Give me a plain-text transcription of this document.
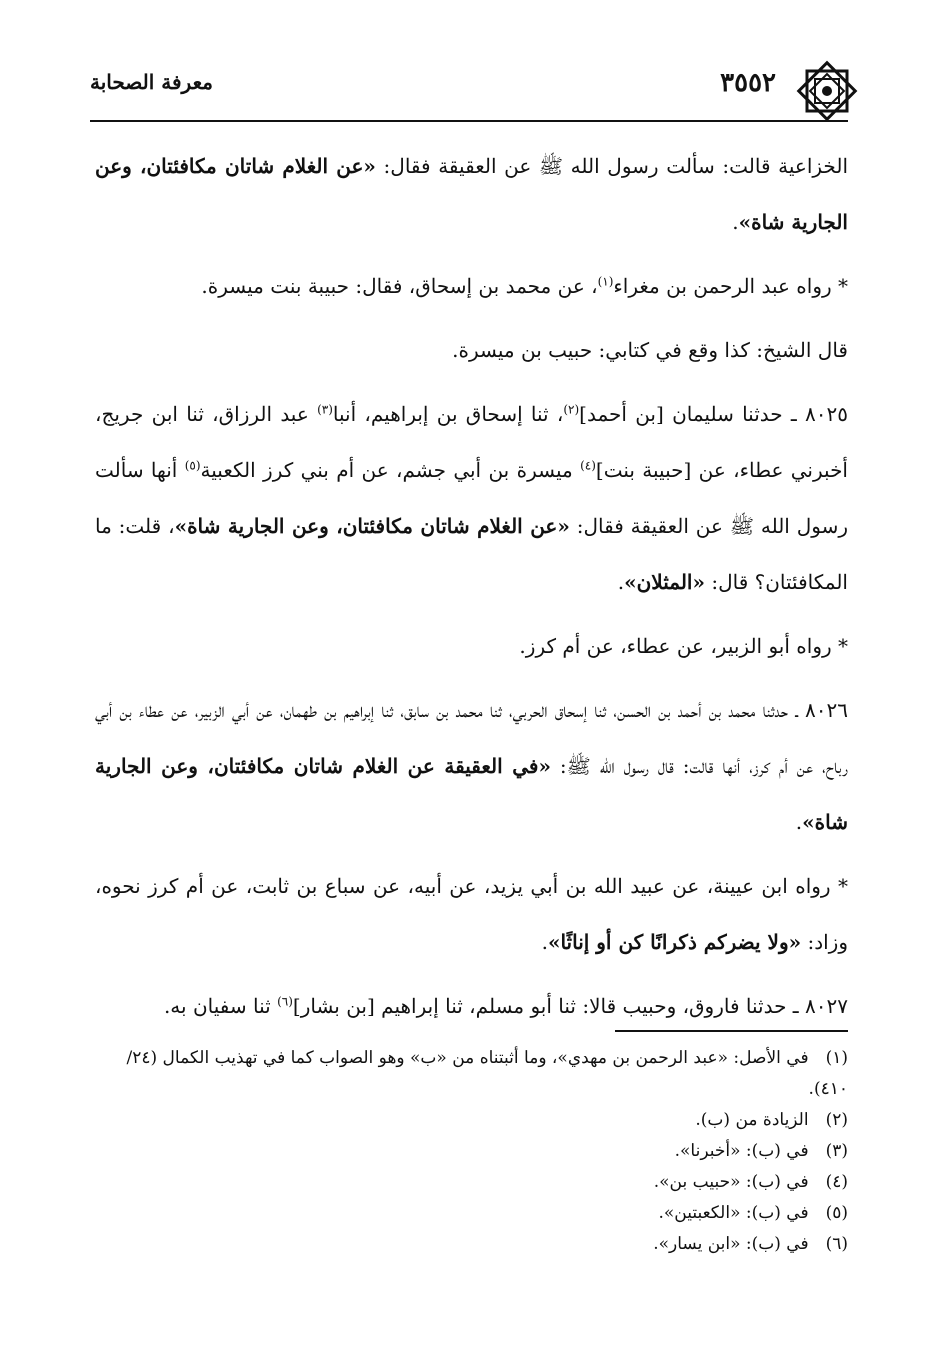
٣٥٥٢
معرفة الصحابة

الخزاعية قالت: سألت رسول الله ﷺ عن العقيقة فقال: «عن الغلام شاتان مكافئتان، وعن الجارية شاة».

* رواه عبد الرحمن بن مغراء$^{(١)}$، عن محمد بن إسحاق، فقال: حبيبة بنت ميسرة.

قال الشيخ: كذا وقع في كتابي: حبيب بن ميسرة.

٨٠٢٥ ـ حدثنا سليمان [بن أحمد]$^{(٢)}$، ثنا إسحاق بن إبراهيم، أنبا$^{(٣)}$ عبد الرزاق، ثنا ابن جريج، أخبرني عطاء، عن [حبيبة بنت]$^{(٤)}$ ميسرة بن أبي جشم، عن أم بني كرز الكعبية$^{(٥)}$ أنها سألت رسول الله ﷺ عن العقيقة فقال: «عن الغلام شاتان مكافئتان، وعن الجارية شاة»، قلت: ما المكافئتان؟ قال: «المثلان».

* رواه أبو الزبير، عن عطاء، عن أم كرز.

٨٠٢٦ ـ حدثنا محمد بن أحمد بن الحسن، ثنا إسحاق الحربي، ثنا محمد بن سابق، ثنا إبراهيم بن طهمان، عن أبي الزبير، عن عطاء بن أبي رباح، عن أم كرز، أنها قالت: قال رسول الله ﷺ: «في العقيقة عن الغلام شاتان مكافئتان، وعن الجارية شاة».

* رواه ابن عيينة، عن عبيد الله بن أبي يزيد، عن أبيه، عن سباع بن ثابت، عن أم كرز نحوه، وزاد: «ولا يضركم ذكرانًا كن أو إناثًا».

٨٠٢٧ ـ حدثنا فاروق، وحبيب قالا: ثنا أبو مسلم، ثنا إبراهيم [بن بشار]$^{(٦)}$ ثنا سفيان به.

(١) في الأصل: «عبد الرحمن بن مهدي»، وما أثبتناه من «ب» وهو الصواب كما في تهذيب الكمال (٢٤/ ٤١٠).

(٢) الزيادة من (ب).

(٣) في (ب): «أخبرنا».

(٤) في (ب): «حبيب بن».

(٥) في (ب): «الكعبتين».

(٦) في (ب): «ابن يسار».
